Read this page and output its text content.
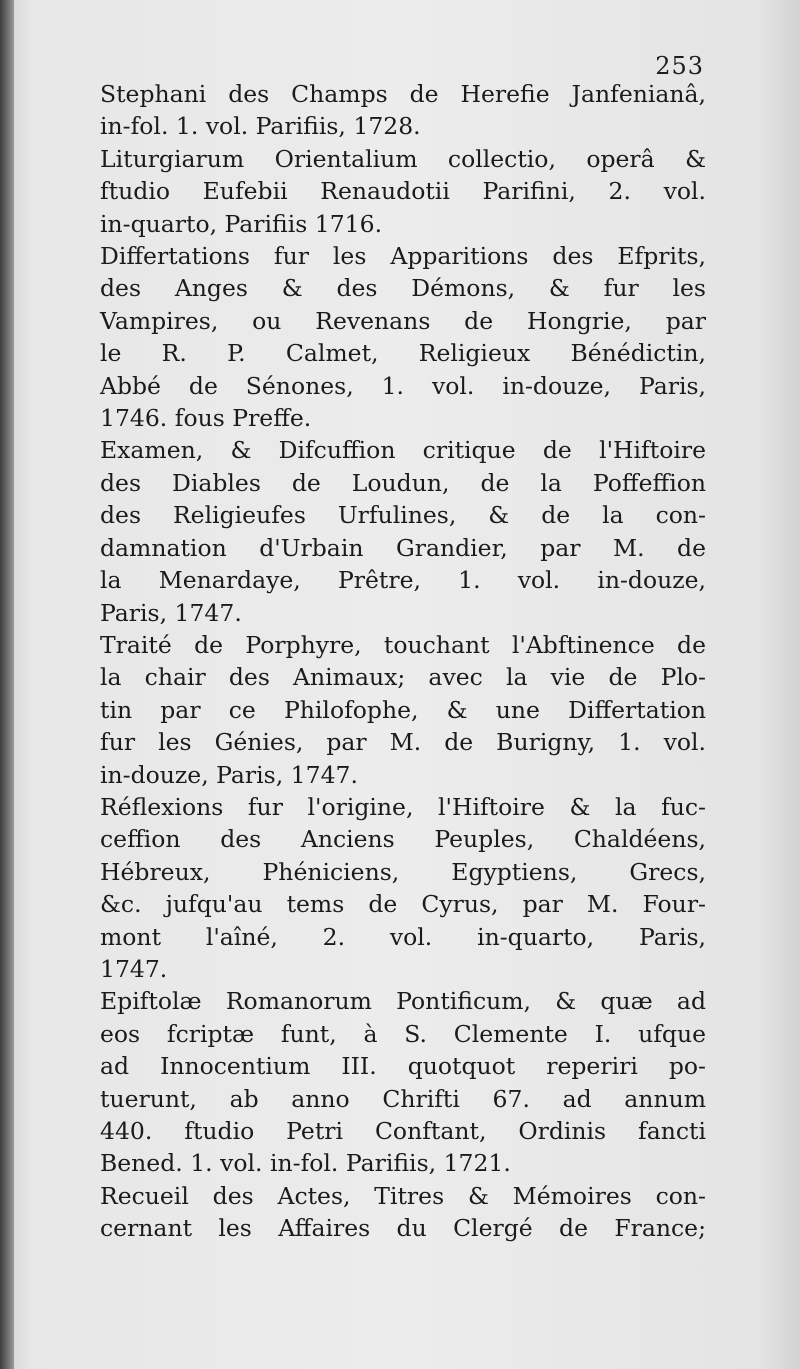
253

Stephani des Champs de Herefie Janfenianâ,
in-fol. 1. vol. Parifiis, 1728.

Liturgiarum Orientalium collectio, operâ &
ftudio Eufebii Renaudotii Parifini, 2. vol.
in-quarto, Parifiis 1716.

Differtations fur les Apparitions des Efprits,
des Anges & des Démons, & fur les
Vampires, ou Revenans de Hongrie, par
le R. P. Calmet, Religieux Bénédictin,
Abbé de Sénones, 1. vol. in-douze, Paris,
1746. fous Preffe.

Examen, & Difcuffion critique de l'Hiftoire
des Diables de Loudun, de la Poffeffion
des Religieufes Urfulines, & de la con-
damnation d'Urbain Grandier, par M. de
la Menardaye, Prêtre, 1. vol. in-douze,
Paris, 1747.

Traité de Porphyre, touchant l'Abftinence de
la chair des Animaux; avec la vie de Plo-
tin par ce Philofophe, & une Differtation
fur les Génies, par M. de Burigny, 1. vol.
in-douze, Paris, 1747.

Réflexions fur l'origine, l'Hiftoire & la fuc-
ceffion des Anciens Peuples, Chaldéens,
Hébreux, Phéniciens, Egyptiens, Grecs,
&c. jufqu'au tems de Cyrus, par M. Four-
mont l'aîné, 2. vol. in-quarto, Paris,
1747.

Epiftolæ Romanorum Pontificum, & quæ ad
eos fcriptæ funt, à S. Clemente I. ufque
ad Innocentium III. quotquot reperiri po-
tuerunt, ab anno Chrifti 67. ad annum
440. ftudio Petri Conftant, Ordinis fancti
Bened. 1. vol. in-fol. Parifiis, 1721.

Recueil des Actes, Titres & Mémoires con-
cernant les Affaires du Clergé de France;
